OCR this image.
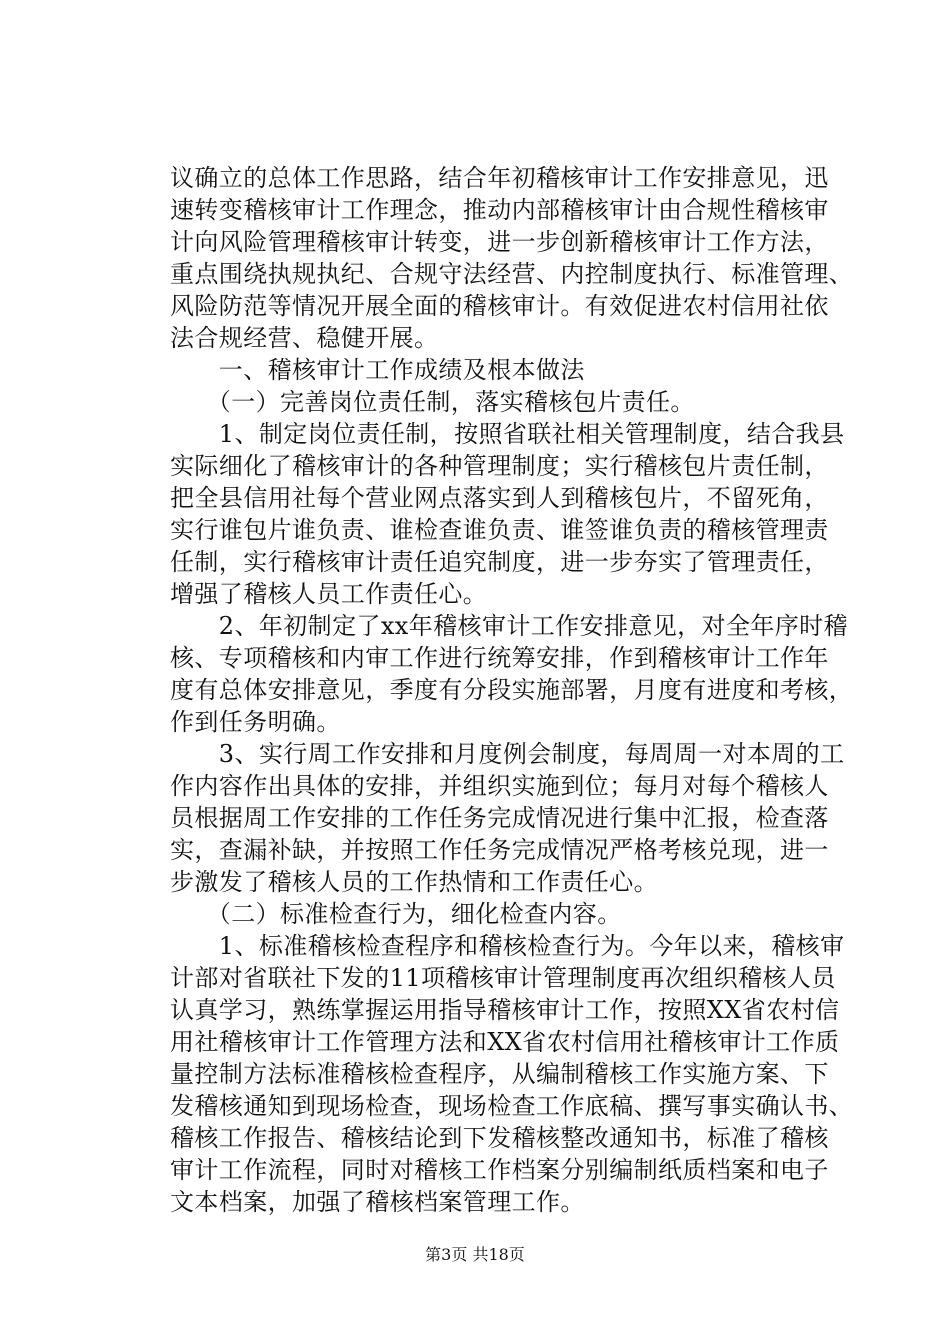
议确立的总体工作思路，结合年初稽核审计工作安排意见，迅
速转变稽核审计工作理念，推动内部稽核审计由合规性稽核审
计向风险管理稽核审计转变，进一步创新稽核审计工作方法，
重点围绕执规执纪、合规守法经营、内控制度执行、标准管理、
风险防范等情况开展全面的稽核审计。有效促进农村信用社依
法合规经营、稳健开展。
　　一、稽核审计工作成绩及根本做法
　　（一）完善岗位责任制，落实稽核包片责任。
　　1、制定岗位责任制，按照省联社相关管理制度，结合我县
实际细化了稽核审计的各种管理制度；实行稽核包片责任制，
把全县信用社每个营业网点落实到人到稽核包片，不留死角，
实行谁包片谁负责、谁检查谁负责、谁签谁负责的稽核管理责
任制，实行稽核审计责任追究制度，进一步夯实了管理责任，
增强了稽核人员工作责任心。
　　2、年初制定了xx年稽核审计工作安排意见，对全年序时稽
核、专项稽核和内审工作进行统筹安排，作到稽核审计工作年
度有总体安排意见，季度有分段实施部署，月度有进度和考核，
作到任务明确。
　　3、实行周工作安排和月度例会制度，每周周一对本周的工
作内容作出具体的安排，并组织实施到位；每月对每个稽核人
员根据周工作安排的工作任务完成情况进行集中汇报，检查落
实，查漏补缺，并按照工作任务完成情况严格考核兑现，进一
步激发了稽核人员的工作热情和工作责任心。
　　（二）标准检查行为，细化检查内容。
　　1、标准稽核检查程序和稽核检查行为。今年以来，稽核审
计部对省联社下发的11项稽核审计管理制度再次组织稽核人员
认真学习，熟练掌握运用指导稽核审计工作，按照XX省农村信
用社稽核审计工作管理方法和XX省农村信用社稽核审计工作质
量控制方法标准稽核检查程序，从编制稽核工作实施方案、下
发稽核通知到现场检查，现场检查工作底稿、撰写事实确认书、
稽核工作报告、稽核结论到下发稽核整改通知书，标准了稽核
审计工作流程，同时对稽核工作档案分别编制纸质档案和电子
文本档案，加强了稽核档案管理工作。
第3页 共18页
